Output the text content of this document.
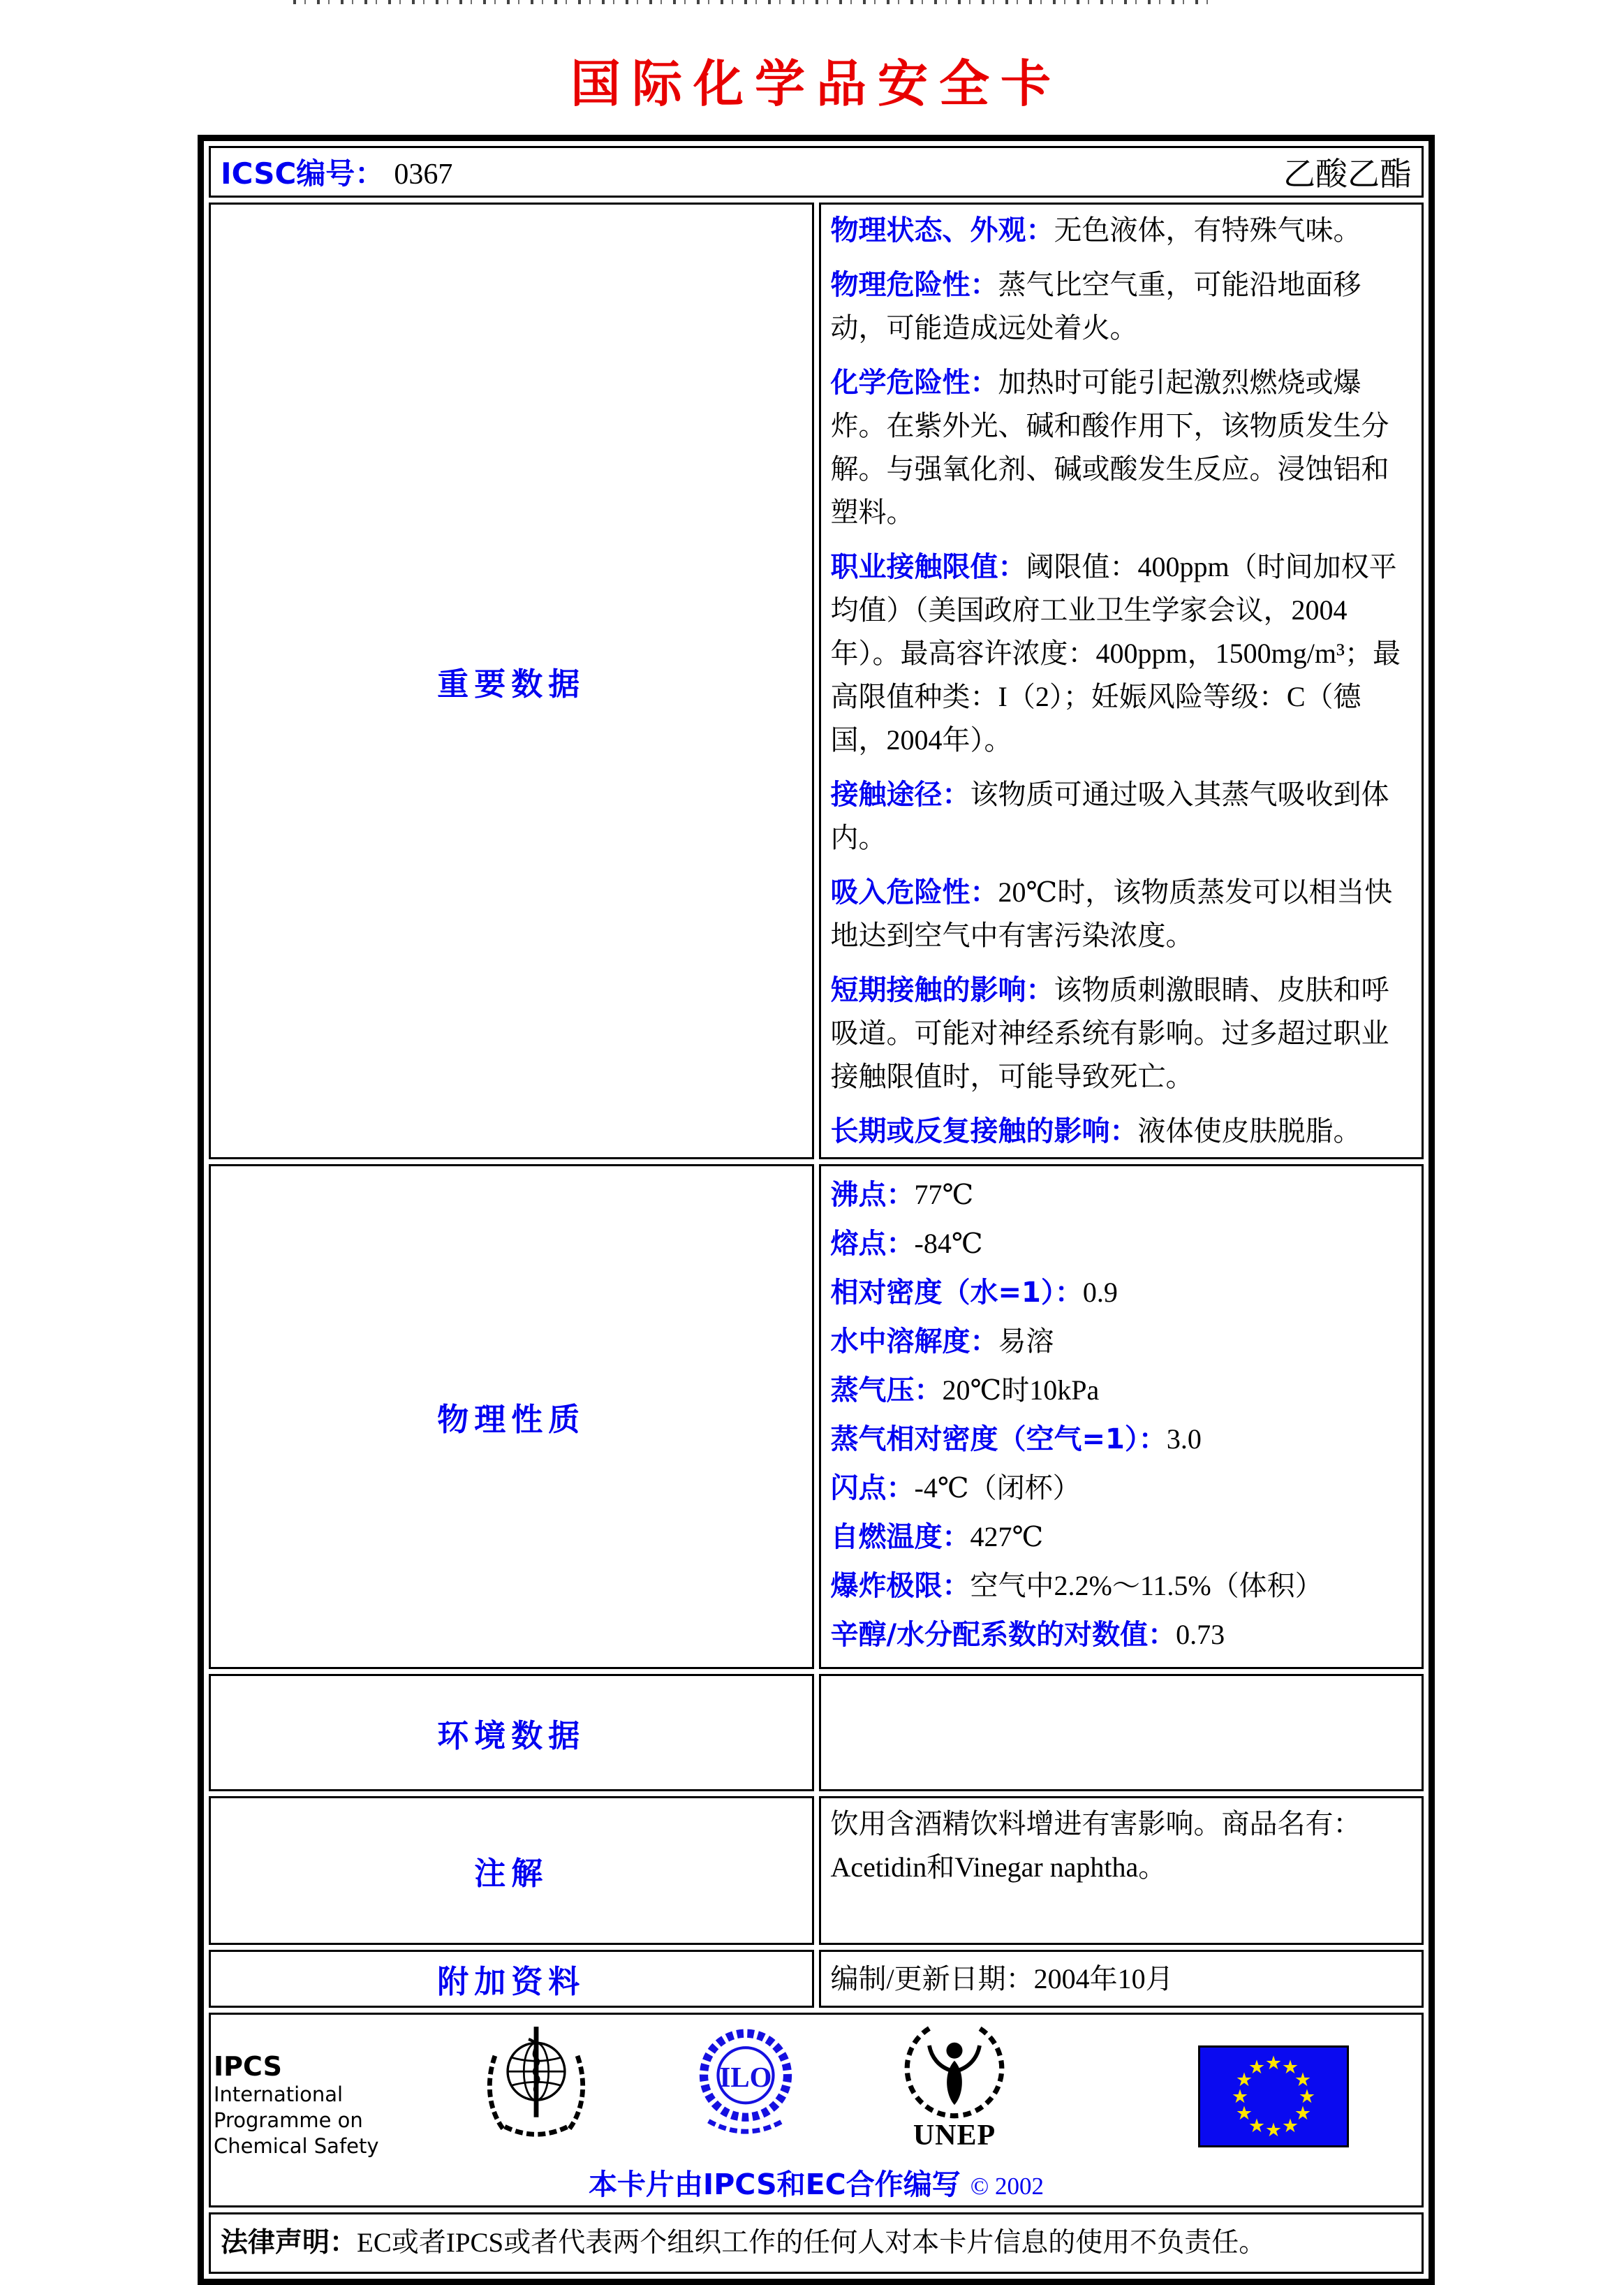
国际化学品安全卡
ICSC编号： 0367 乙酸乙酯	

重要数据	

物理状态、外观：无色液体，有特殊气味。

物理危险性：蒸气比空气重，可能沿地面移动，可能造成远处着火。

化学危险性：加热时可能引起激烈燃烧或爆炸。在紫外光、碱和酸作用下，该物质发生分解。与强氧化剂、碱或酸发生反应。浸蚀铝和塑料。

职业接触限值：阈限值：400ppm（时间加权平均值）（美国政府工业卫生学家会议，2004年）。最高容许浓度：400ppm，1500mg/m³；最高限值种类：I（2）；妊娠风险等级：C（德国，2004年）。

接触途径：该物质可通过吸入其蒸气吸收到体内。

吸入危险性：20℃时，该物质蒸发可以相当快地达到空气中有害污染浓度。

短期接触的影响：该物质刺激眼睛、皮肤和呼吸道。可能对神经系统有影响。过多超过职业接触限值时，可能导致死亡。

长期或反复接触的影响：液体使皮肤脱脂。

物理性质	
沸点：77℃
熔点：-84℃
相对密度（水=1）：0.9
水中溶解度：易溶
蒸气压：20℃时10kPa
蒸气相对密度（空气=1）：3.0
闪点：-4℃（闭杯）
自燃温度：427℃
爆炸极限：空气中2.2%～11.5%（体积）
辛醇/水分配系数的对数值：0.73

环境数据	

注解	饮用含酒精饮料增进有害影响。商品名有：Acetidin和Vinegar naphtha。

附加资料	编制/更新日期：2004年10月

IPCS
International
Programme on
Chemical Safety
ILO
UNEP
★ ★
★
★
★
★
★
★
★
★
★
★
本卡片由IPCS和EC合作编写 © 2002

法律声明：EC或者IPCS或者代表两个组织工作的任何人对本卡片信息的使用不负责任。	
